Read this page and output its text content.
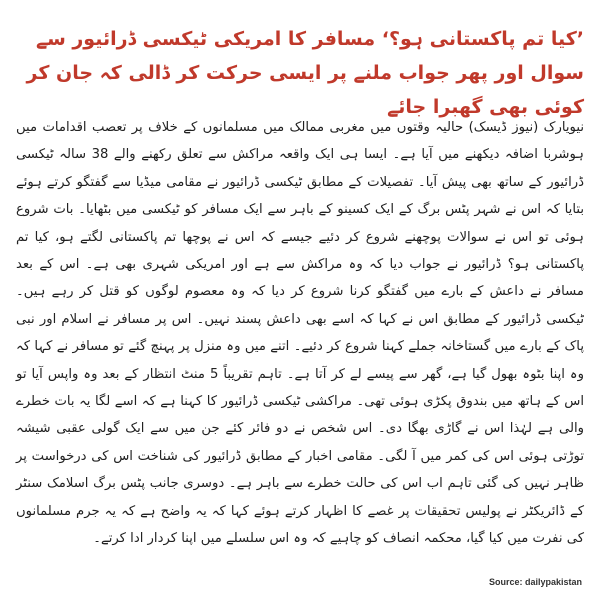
’کیا تم پاکستانی ہو؟‘ مسافر کا امریکی ٹیکسی ڈرائیور سے سوال اور پھر جواب ملنے پر ایسی حرکت کر ڈالی کہ جان کر کوئی بھی گھبرا جائے

نیویارک (نیوز ڈیسک) حالیہ وقتوں میں مغربی ممالک میں مسلمانوں کے خلاف پر تعصب اقدامات میں ہوشربا اضافہ دیکھنے میں آیا ہے۔ ایسا ہی ایک واقعہ مراکش سے تعلق رکھنے والے 38 سالہ ٹیکسی ڈرائیور کے ساتھ بھی پیش آیا۔ تفصیلات کے مطابق ٹیکسی ڈرائیور نے مقامی میڈیا سے گفتگو کرتے ہوئے بتایا کہ اس نے شہر پٹس برگ کے ایک کسینو کے باہر سے ایک مسافر کو ٹیکسی میں بٹھایا۔ بات شروع ہوئی تو اس نے سوالات پوچھنے شروع کر دئیے جیسے کہ اس نے پوچھا تم پاکستانی لگتے ہو، کیا تم پاکستانی ہو؟ ڈرائیور نے جواب دیا کہ وہ مراکش سے ہے اور امریکی شہری بھی ہے۔ اس کے بعد مسافر نے داعش کے بارے میں گفتگو کرنا شروع کر دیا کہ وہ معصوم لوگوں کو قتل کر رہے ہیں۔ ٹیکسی ڈرائیور کے مطابق اس نے کہا کہ اسے بھی داعش پسند نہیں۔ اس پر مسافر نے اسلام اور نبی پاک کے بارے میں گستاخانہ جملے کہنا شروع کر دئیے۔ اتنے میں وہ منزل پر پہنچ گئے تو مسافر نے کہا کہ وہ اپنا بٹوہ بھول گیا ہے، گھر سے پیسے لے کر آتا ہے۔ تاہم تقریباً 5 منٹ انتظار کے بعد وہ واپس آیا تو اس کے ہاتھ میں بندوق پکڑی ہوئی تھی۔ مراکشی ٹیکسی ڈرائیور کا کہنا ہے کہ اسے لگا یہ بات خطرے والی ہے لہٰذا اس نے گاڑی بھگا دی۔ اس شخص نے دو فائر کئے جن میں سے ایک گولی عقبی شیشہ توڑتی ہوئی اس کی کمر میں آ لگی۔ مقامی اخبار کے مطابق ڈرائیور کی شناخت اس کی درخواست پر ظاہر نہیں کی گئی تاہم اب اس کی حالت خطرے سے باہر ہے۔ دوسری جانب پٹس برگ اسلامک سنٹر کے ڈائریکٹر نے پولیس تحقیقات پر غصے کا اظہار کرتے ہوئے کہا کہ یہ واضح ہے کہ یہ جرم مسلمانوں کی نفرت میں کیا گیا، محکمہ انصاف کو چاہیے کہ وہ اس سلسلے میں اپنا کردار ادا کرتے۔

Source: dailypakistan
